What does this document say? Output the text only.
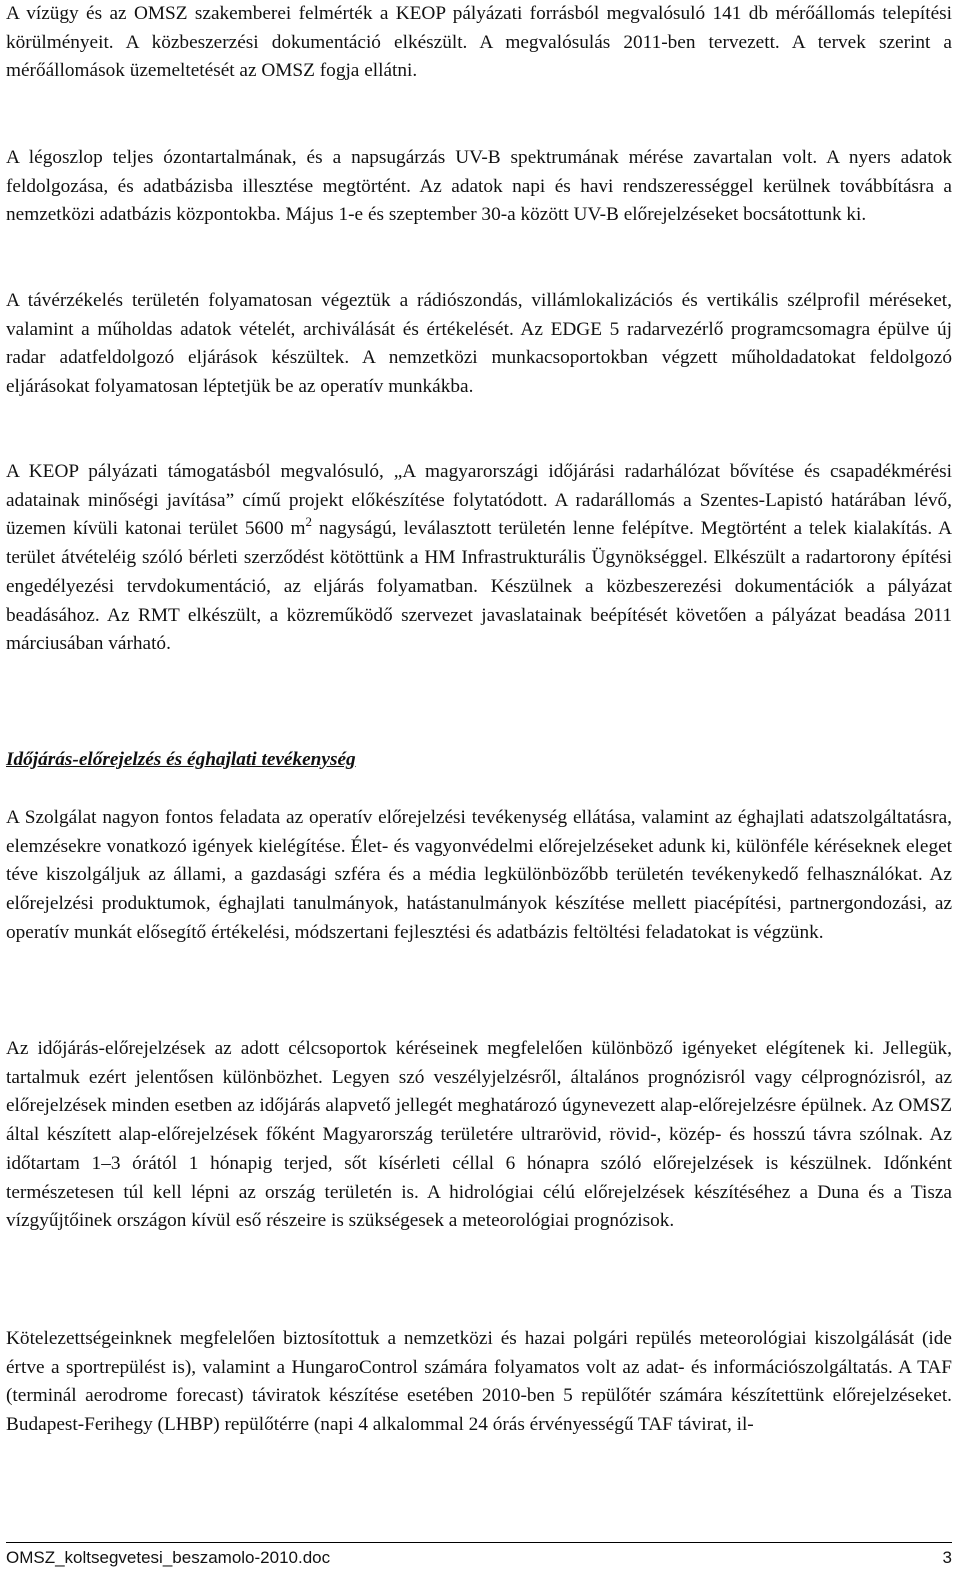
A vízügy és az OMSZ szakemberei felmérték a KEOP pályázati forrásból megvalósuló 141 db mérőállomás telepítési körülményeit. A közbeszerzési dokumentáció elkészült. A megvalósulás 2011-ben tervezett. A tervek szerint a mérőállomások üzemeltetését az OMSZ fogja ellátni.

A légoszlop teljes ózontartalmának, és a napsugárzás UV-B spektrumának mérése zavartalan volt. A nyers adatok feldolgozása, és adatbázisba illesztése megtörtént. Az adatok napi és havi rendszerességgel kerülnek továbbításra a nemzetközi adatbázis központokba. Május 1-e és szeptember 30-a között UV-B előrejelzéseket bocsátottunk ki.

A távérzékelés területén folyamatosan végeztük a rádiószondás, villámlokalizációs és vertikális szélprofil méréseket, valamint a műholdas adatok vételét, archiválását és értékelését. Az EDGE 5 radarvezérlő programcsomagra épülve új radar adatfeldolgozó eljárások készültek. A nemzetközi munkacsoportokban végzett műholdadatokat feldolgozó eljárásokat folyamatosan léptetjük be az operatív munkákba.

A KEOP pályázati támogatásból megvalósuló, „A magyarországi időjárási radarhálózat bővítése és csapadékmérési adatainak minőségi javítása” című projekt előkészítése folytatódott. A radarállomás a Szentes-Lapistó határában lévő, üzemen kívüli katonai terület 5600 $m^2$ nagyságú, leválasztott területén lenne felépítve. Megtörtént a telek kialakítás. A terület átvételéig szóló bérleti szerződést kötöttünk a HM Infrastrukturális Ügynökséggel. Elkészült a radartorony építési engedélyezési tervdokumentáció, az eljárás folyamatban. Készülnek a közbeszerezési dokumentációk a pályázat beadásához. Az RMT elkészült, a közreműködő szervezet javaslatainak beépítését követően a pályázat beadása 2011 márciusában várható.

Időjárás-előrejelzés és éghajlati tevékenység

A Szolgálat nagyon fontos feladata az operatív előrejelzési tevékenység ellátása, valamint az éghajlati adatszolgáltatásra, elemzésekre vonatkozó igények kielégítése. Élet- és vagyonvédelmi előrejelzéseket adunk ki, különféle kéréseknek eleget téve kiszolgáljuk az állami, a gazdasági szféra és a média legkülönbözőbb területén tevékenykedő felhasználókat. Az előrejelzési produktumok, éghajlati tanulmányok, hatástanulmányok készítése mellett piacépítési, partnergondozási, az operatív munkát elősegítő értékelési, módszertani fejlesztési és adatbázis feltöltési feladatokat is végzünk.

Az időjárás-előrejelzések az adott célcsoportok kéréseinek megfelelően különböző igényeket elégítenek ki. Jellegük, tartalmuk ezért jelentősen különbözhet. Legyen szó veszélyjelzésről, általános prognózisról vagy célprognózisról, az előrejelzések minden esetben az időjárás alapvető jellegét meghatározó úgynevezett alap-előrejelzésre épülnek. Az OMSZ által készített alap-előrejelzések főként Magyarország területére ultrarövid, rövid-, közép- és hosszú távra szólnak. Az időtartam 1–3 órától 1 hónapig terjed, sőt kísérleti céllal 6 hónapra szóló előrejelzések is készülnek. Időnként természetesen túl kell lépni az ország területén is. A hidrológiai célú előrejelzések készítéséhez a Duna és a Tisza vízgyűjtőinek országon kívül eső részeire is szükségesek a meteorológiai prognózisok.

Kötelezettségeinknek megfelelően biztosítottuk a nemzetközi és hazai polgári repülés meteorológiai kiszolgálását (ide értve a sportrepülést is), valamint a HungaroControl számára folyamatos volt az adat- és információszolgáltatás. A TAF (terminál aerodrome forecast) táviratok készítése esetében 2010-ben 5 repülőtér számára készítettünk előrejelzéseket. Budapest-Ferihegy (LHBP) repülőtérre (napi 4 alkalommal 24 órás érvényességű TAF távirat, il-

OMSZ_koltsegvetesi_beszamolo-2010.doc	3
